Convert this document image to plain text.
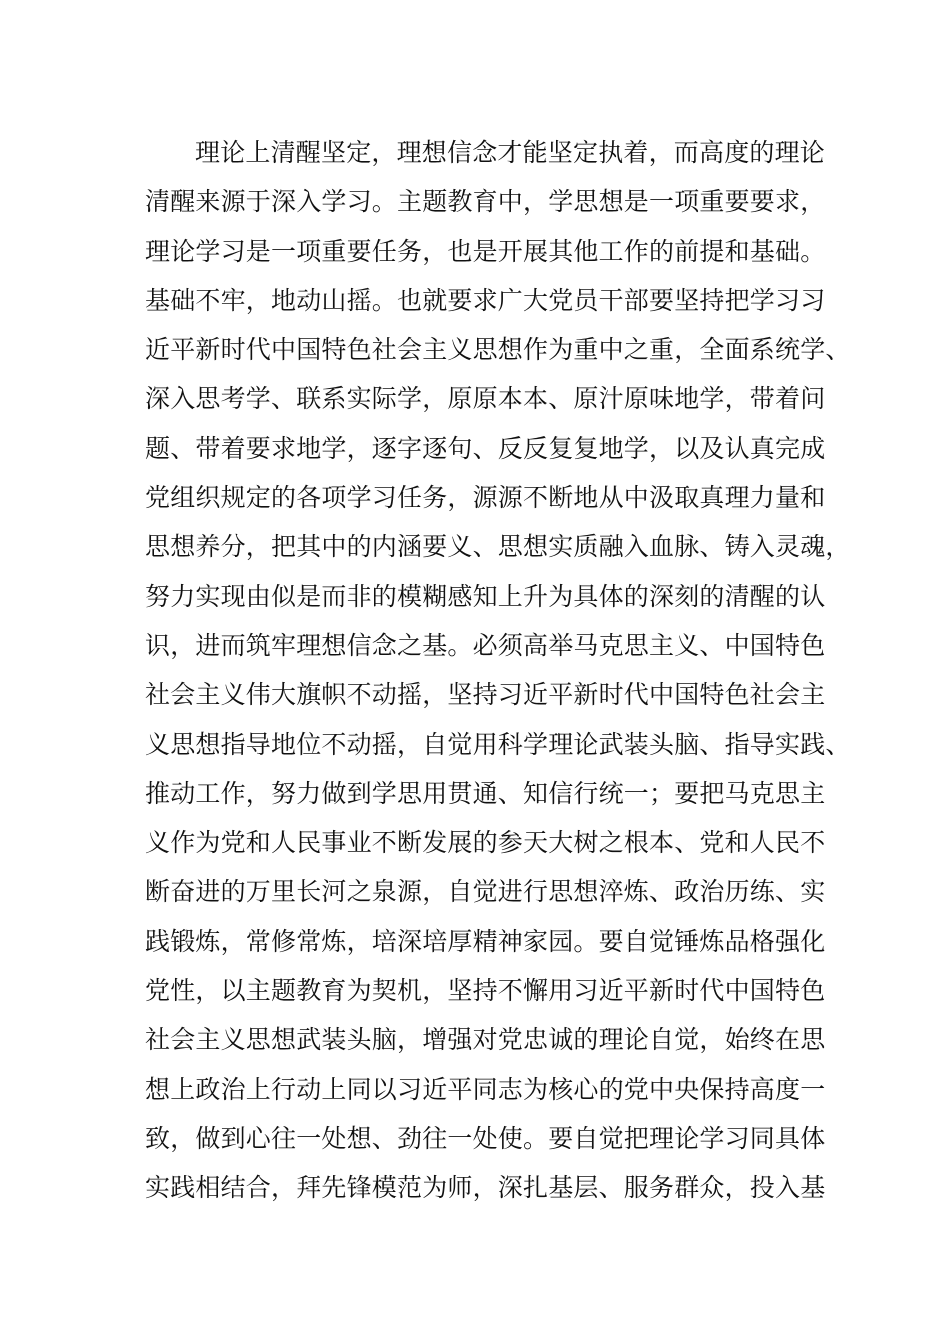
理论上清醒坚定，理想信念才能坚定执着，而高度的理论
清醒来源于深入学习。主题教育中，学思想是一项重要要求，
理论学习是一项重要任务，也是开展其他工作的前提和基础。
基础不牢，地动山摇。也就要求广大党员干部要坚持把学习习
近平新时代中国特色社会主义思想作为重中之重，全面系统学、
深入思考学、联系实际学，原原本本、原汁原味地学，带着问
题、带着要求地学，逐字逐句、反反复复地学，以及认真完成
党组织规定的各项学习任务，源源不断地从中汲取真理力量和
思想养分，把其中的内涵要义、思想实质融入血脉、铸入灵魂，
努力实现由似是而非的模糊感知上升为具体的深刻的清醒的认
识，进而筑牢理想信念之基。必须高举马克思主义、中国特色
社会主义伟大旗帜不动摇，坚持习近平新时代中国特色社会主
义思想指导地位不动摇，自觉用科学理论武装头脑、指导实践、
推动工作，努力做到学思用贯通、知信行统一；要把马克思主
义作为党和人民事业不断发展的参天大树之根本、党和人民不
断奋进的万里长河之泉源，自觉进行思想淬炼、政治历练、实
践锻炼，常修常炼，培深培厚精神家园。要自觉锤炼品格强化
党性，以主题教育为契机，坚持不懈用习近平新时代中国特色
社会主义思想武装头脑，增强对党忠诚的理论自觉，始终在思
想上政治上行动上同以习近平同志为核心的党中央保持高度一
致，做到心往一处想、劲往一处使。要自觉把理论学习同具体
实践相结合，拜先锋模范为师，深扎基层、服务群众，投入基
